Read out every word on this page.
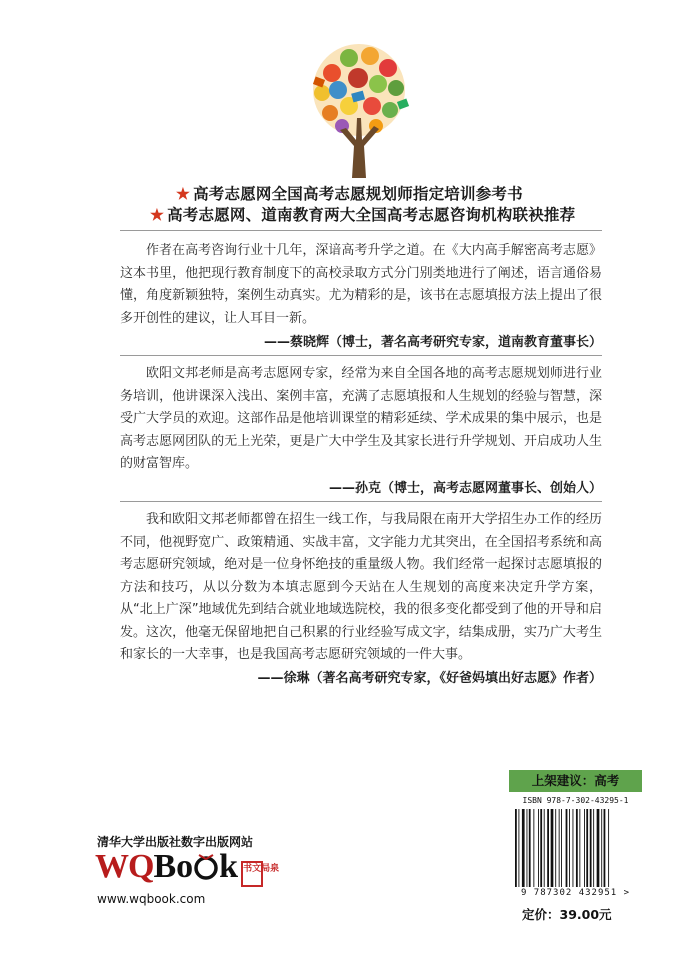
★ 高考志愿网全国高考志愿规划师指定培训参考书
★ 高考志愿网、道南教育两大全国高考志愿咨询机构联袂推荐

作者在高考咨询行业十几年，深谙高考升学之道。在《大内高手解密高考志愿》这本书里，他把现行教育制度下的高校录取方式分门别类地进行了阐述，语言通俗易懂，角度新颖独特，案例生动真实。尤为精彩的是，该书在志愿填报方法上提出了很多开创性的建议，让人耳目一新。

——蔡晓辉（博士，著名高考研究专家，道南教育董事长）

欧阳文邦老师是高考志愿网专家，经常为来自全国各地的高考志愿规划师进行业务培训，他讲课深入浅出、案例丰富，充满了志愿填报和人生规划的经验与智慧，深受广大学员的欢迎。这部作品是他培训课堂的精彩延续、学术成果的集中展示，也是高考志愿网团队的无上光荣，更是广大中学生及其家长进行升学规划、开启成功人生的财富智库。

——孙克（博士，高考志愿网董事长、创始人）

我和欧阳文邦老师都曾在招生一线工作，与我局限在南开大学招生办工作的经历不同，他视野宽广、政策精通、实战丰富，文字能力尤其突出，在全国招考系统和高考志愿研究领域，绝对是一位身怀绝技的重量级人物。我们经常一起探讨志愿填报的方法和技巧，从以分数为本填志愿到今天站在人生规划的高度来决定升学方案，从“北上广深”地域优先到结合就业地域选院校，我的很多变化都受到了他的开导和启发。这次，他毫无保留地把自己积累的行业经验写成文字，结集成册，实乃广大考生和家长的一大幸事，也是我国高考志愿研究领域的一件大事。

——徐琳（著名高考研究专家，《好爸妈填出好志愿》作者）
清华大学出版社数字出版网站
WQBo k 书文局泉
www.wqbook.com
上架建议：高考
ISBN 978-7-302-43295-1
9 787302 432951 >
定价：39.00元
